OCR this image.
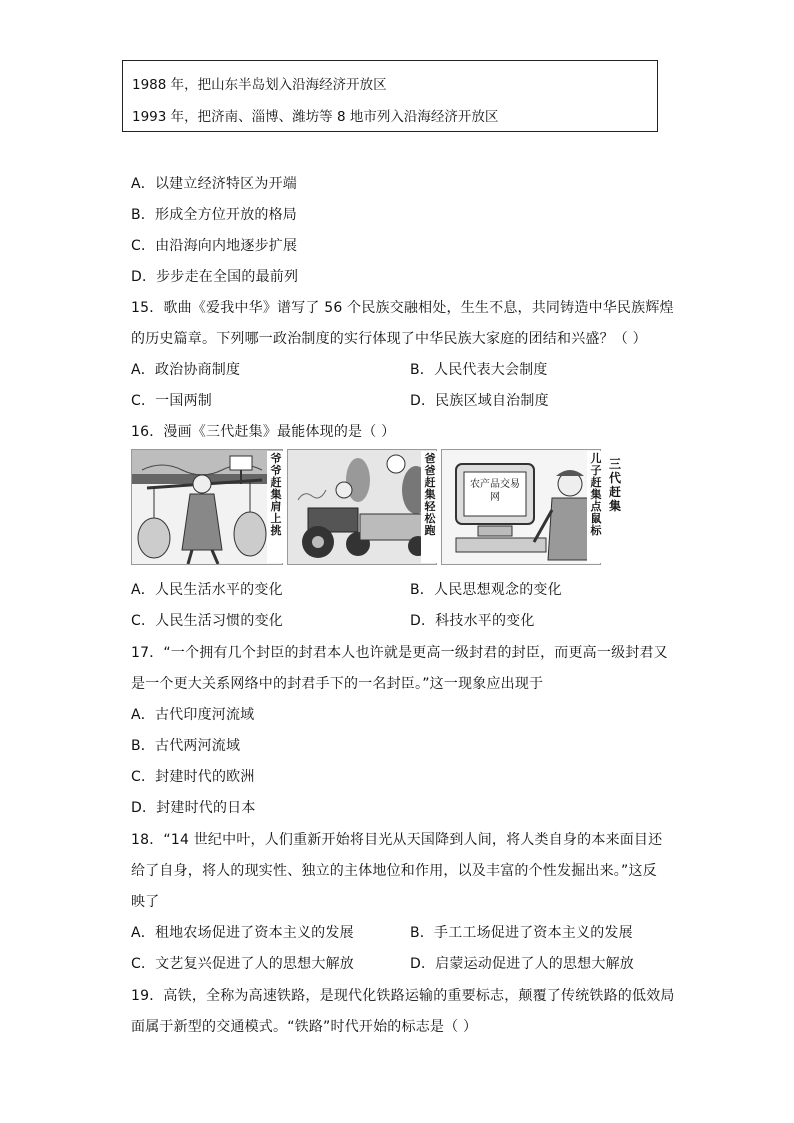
1988 年，把山东半岛划入沿海经济开放区
1993 年，把济南、淄博、潍坊等 8 地市列入沿海经济开放区
A．以建立经济特区为开端
B．形成全方位开放的格局
C．由沿海向内地逐步扩展
D．步步走在全国的最前列
15．歌曲《爱我中华》谱写了 56 个民族交融相处，生生不息，共同铸造中华民族辉煌
的历史篇章。下列哪一政治制度的实行体现了中华民族大家庭的团结和兴盛？（ ）
A．政治协商制度	B．人民代表大会制度
C．一国两制	D．民族区域自治制度
16．漫画《三代赶集》最能体现的是（ ）
爷爷赶集肩上挑
爸爸赶集轻松跑
农产品交易网
儿子赶集点鼠标
三代赶集
A．人民生活水平的变化	B．人民思想观念的变化
C．人民生活习惯的变化	D．科技水平的变化
17．“一个拥有几个封臣的封君本人也许就是更高一级封君的封臣，而更高一级封君又
是一个更大关系网络中的封君手下的一名封臣。”这一现象应出现于
A．古代印度河流域
B．古代两河流域
C．封建时代的欧洲
D．封建时代的日本
18．“14 世纪中叶，人们重新开始将目光从天国降到人间，将人类自身的本来面目还
给了自身，将人的现实性、独立的主体地位和作用，以及丰富的个性发掘出来。”这反
映了
A．租地农场促进了资本主义的发展	B．手工工场促进了资本主义的发展
C．文艺复兴促进了人的思想大解放	D．启蒙运动促进了人的思想大解放
19．高铁，全称为高速铁路，是现代化铁路运输的重要标志，颠覆了传统铁路的低效局
面属于新型的交通模式。“铁路”时代开始的标志是（ ）
